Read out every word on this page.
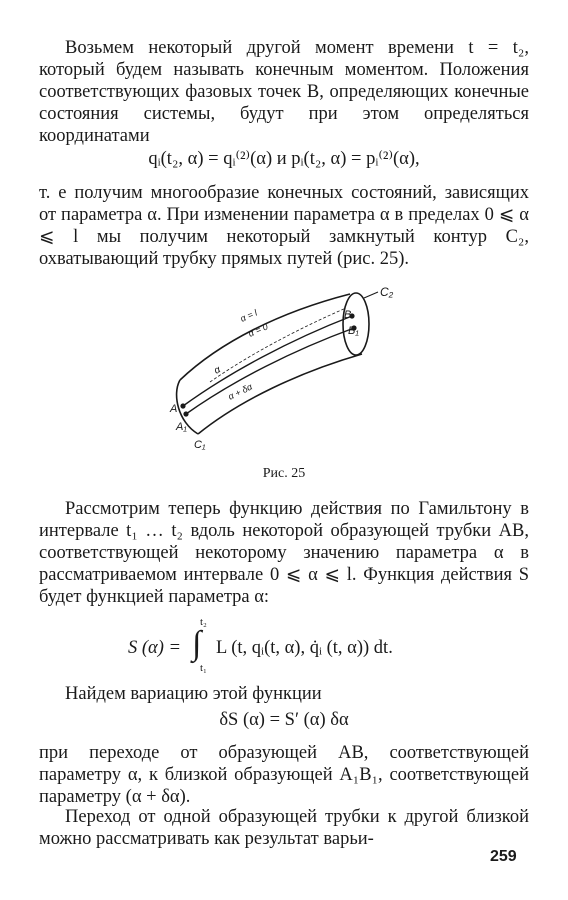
Возьмем некоторый другой момент времени t = t₂, который будем называть конечным моментом. Положения соответствующих фазовых точек B, определяющих конечные состояния системы, будут при этом определяться координатами

qᵢ(t₂, α) = qᵢ⁽²⁾(α) и pᵢ(t₂, α) = pᵢ⁽²⁾(α),

т. е получим многообразие конечных состояний, зависящих от параметра α. При изменении параметра α в пределах 0 ⩽ α ⩽ l мы получим некоторый замкнутый контур C₂, охватывающий трубку прямых путей (рис. 25).

C₂
B
B₁
A
A₁
C₁
α = l
α = 0
α
α + δα
Рис. 25

Рассмотрим теперь функцию действия по Гамильтону в интервале t₁ … t₂ вдоль некоторой образующей трубки AB, соответствующей некоторому значению параметра α в рассматриваемом интервале 0 ⩽ α ⩽ l. Функция действия S будет функцией параметра α:

S (α) = ∫
t₂
t₁
L (t, qᵢ(t, α), q̇ᵢ (t, α)) dt.

Найдем вариацию этой функции

δS (α) = S′ (α) δα

при переходе от образующей AB, соответствующей параметру α, к близкой образующей A₁B₁, соответствующей параметру (α + δα).

Переход от одной образующей трубки к другой близкой можно рассматривать как результат варьи-

259
